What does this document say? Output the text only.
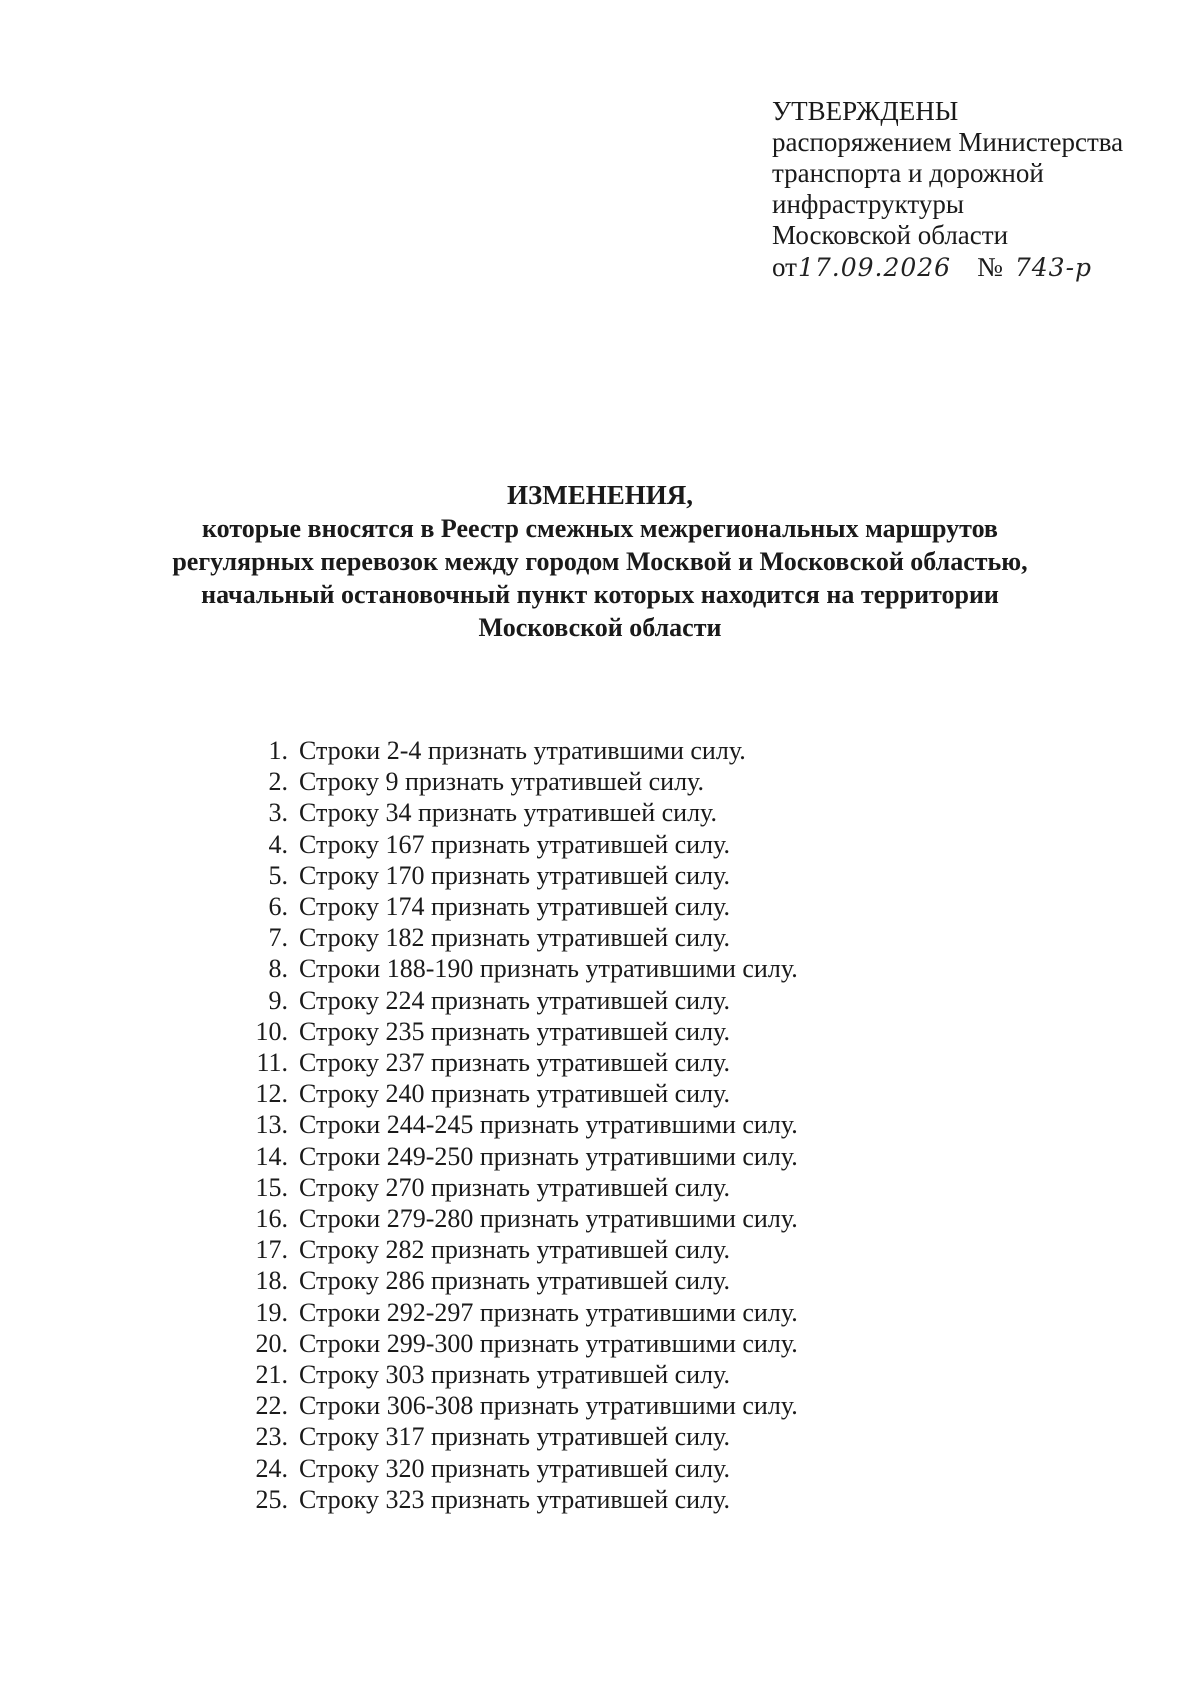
УТВЕРЖДЕНЫ
распоряжением Министерства
транспорта и дорожной
инфраструктуры
Московской области
от 17.09.2026 № 743-р
ИЗМЕНЕНИЯ,
которые вносятся в Реестр смежных межрегиональных маршрутов
регулярных перевозок между городом Москвой и Московской областью,
начальный остановочный пункт которых находится на территории
Московской области
1. Строки 2-4 признать утратившими силу.
2. Строку 9 признать утратившей силу.
3. Строку 34 признать утратившей силу.
4. Строку 167 признать утратившей силу.
5. Строку 170 признать утратившей силу.
6. Строку 174 признать утратившей силу.
7. Строку 182 признать утратившей силу.
8. Строки 188-190 признать утратившими силу.
9. Строку 224 признать утратившей силу.
10. Строку 235 признать утратившей силу.
11. Строку 237 признать утратившей силу.
12. Строку 240 признать утратившей силу.
13. Строки 244-245 признать утратившими силу.
14. Строки 249-250 признать утратившими силу.
15. Строку 270 признать утратившей силу.
16. Строки 279-280 признать утратившими силу.
17. Строку 282 признать утратившей силу.
18. Строку 286 признать утратившей силу.
19. Строки 292-297 признать утратившими силу.
20. Строки 299-300 признать утратившими силу.
21. Строку 303 признать утратившей силу.
22. Строки 306-308 признать утратившими силу.
23. Строку 317 признать утратившей силу.
24. Строку 320 признать утратившей силу.
25. Строку 323 признать утратившей силу.
